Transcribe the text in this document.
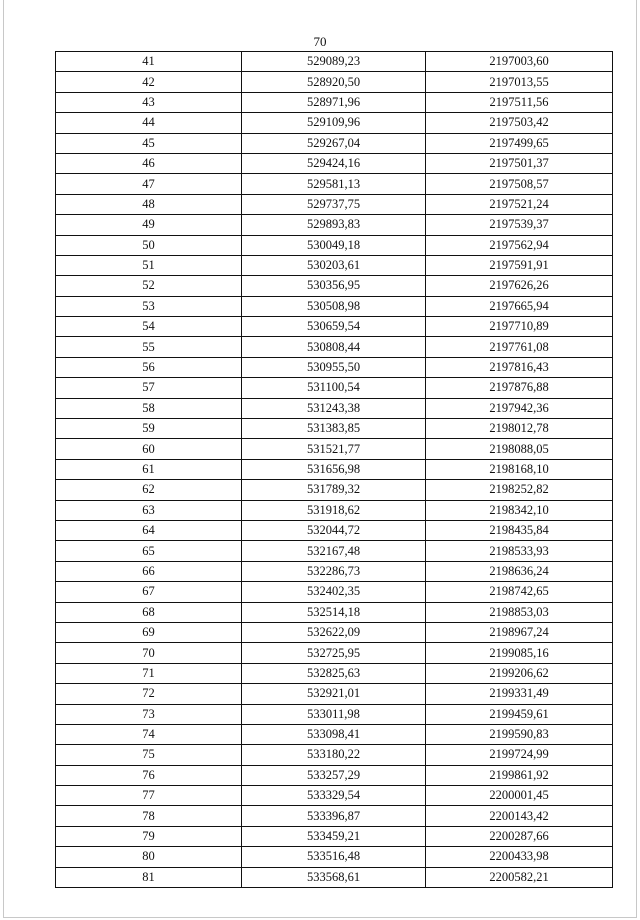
70
41	529089,23	2197003,60
42	528920,50	2197013,55
43	528971,96	2197511,56
44	529109,96	2197503,42
45	529267,04	2197499,65
46	529424,16	2197501,37
47	529581,13	2197508,57
48	529737,75	2197521,24
49	529893,83	2197539,37
50	530049,18	2197562,94
51	530203,61	2197591,91
52	530356,95	2197626,26
53	530508,98	2197665,94
54	530659,54	2197710,89
55	530808,44	2197761,08
56	530955,50	2197816,43
57	531100,54	2197876,88
58	531243,38	2197942,36
59	531383,85	2198012,78
60	531521,77	2198088,05
61	531656,98	2198168,10
62	531789,32	2198252,82
63	531918,62	2198342,10
64	532044,72	2198435,84
65	532167,48	2198533,93
66	532286,73	2198636,24
67	532402,35	2198742,65
68	532514,18	2198853,03
69	532622,09	2198967,24
70	532725,95	2199085,16
71	532825,63	2199206,62
72	532921,01	2199331,49
73	533011,98	2199459,61
74	533098,41	2199590,83
75	533180,22	2199724,99
76	533257,29	2199861,92
77	533329,54	2200001,45
78	533396,87	2200143,42
79	533459,21	2200287,66
80	533516,48	2200433,98
81	533568,61	2200582,21
